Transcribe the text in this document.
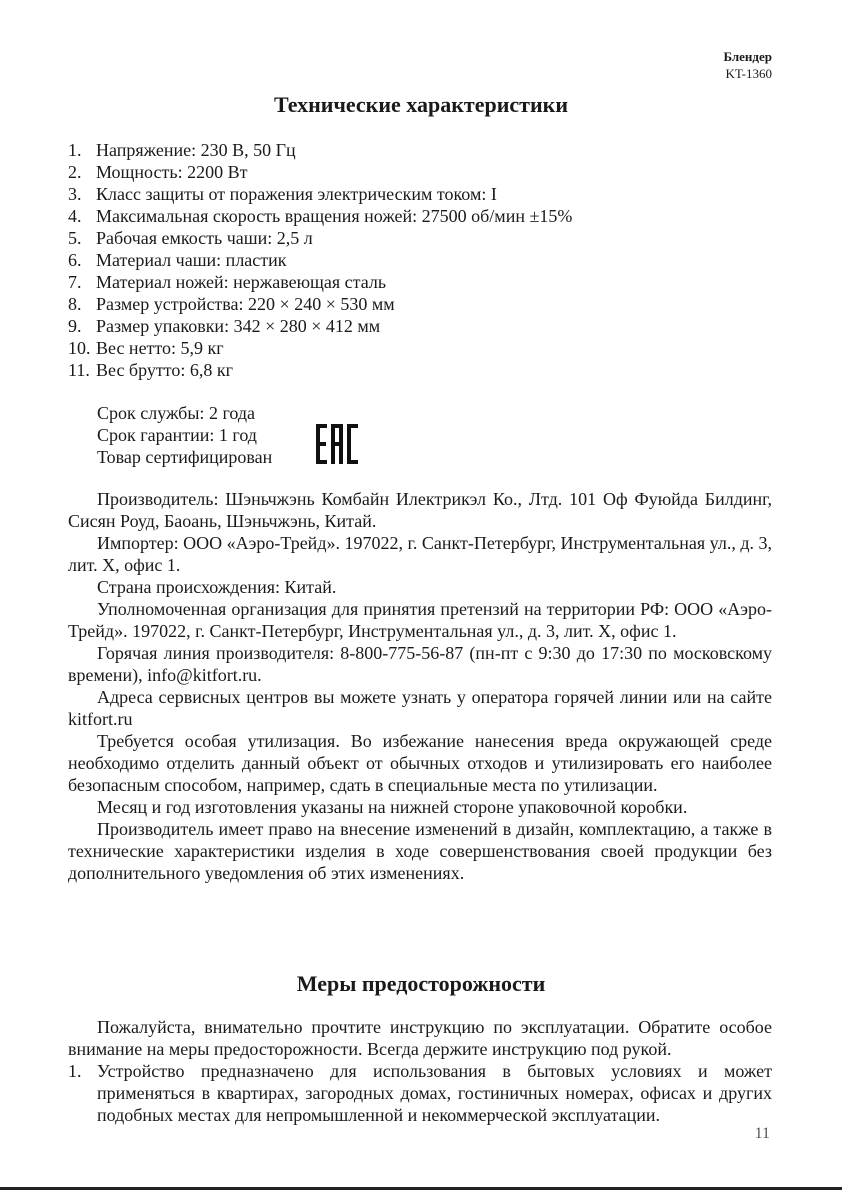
Блендер
KT-1360
Технические характеристики
1. Напряжение: 230 В, 50 Гц
2. Мощность: 2200 Вт
3. Класс защиты от поражения электрическим током: I
4. Максимальная скорость вращения ножей: 27500 об/мин ±15%
5. Рабочая емкость чаши: 2,5 л
6. Материал чаши: пластик
7. Материал ножей: нержавеющая сталь
8. Размер устройства: 220 × 240 × 530 мм
9. Размер упаковки: 342 × 280 × 412 мм
10. Вес нетто: 5,9 кг
11. Вес брутто: 6,8 кг
Срок службы: 2 года
Срок гарантии: 1 год
Товар сертифицирован

Производитель: Шэньчжэнь Комбайн Илектрикэл Ко., Лтд. 101 Оф Фуюйда Билдинг, Сисян Роуд, Баоань, Шэньчжэнь, Китай.

Импортер: ООО «Аэро-Трейд». 197022, г. Санкт-Петербург, Инструментальная ул., д. 3, лит. Х, офис 1.

Страна происхождения: Китай.

Уполномоченная организация для принятия претензий на территории РФ: ООО «Аэро-Трейд». 197022, г. Санкт-Петербург, Инструментальная ул., д. 3, лит. Х, офис 1.

Горячая линия производителя: 8-800-775-56-87 (пн-пт с 9:30 до 17:30 по московскому времени), info@kitfort.ru.

Адреса сервисных центров вы можете узнать у оператора горячей линии или на сайте kitfort.ru

Требуется особая утилизация. Во избежание нанесения вреда окружающей среде необходимо отделить данный объект от обычных отходов и утилизировать его наиболее безопасным способом, например, сдать в специальные места по утилизации.

Месяц и год изготовления указаны на нижней стороне упаковочной коробки.

Производитель имеет право на внесение изменений в дизайн, комплектацию, а также в технические характеристики изделия в ходе совершенствования своей продукции без дополнительного уведомления об этих изменениях.

Меры предосторожности

Пожалуйста, внимательно прочтите инструкцию по эксплуатации. Обратите особое внимание на меры предосторожности. Всегда держите инструкцию под рукой.

1. Устройство предназначено для использования в бытовых условиях и может применяться в квартирах, загородных домах, гостиничных номерах, офисах и других подобных местах для непромышленной и некоммерческой эксплуатации.
11
